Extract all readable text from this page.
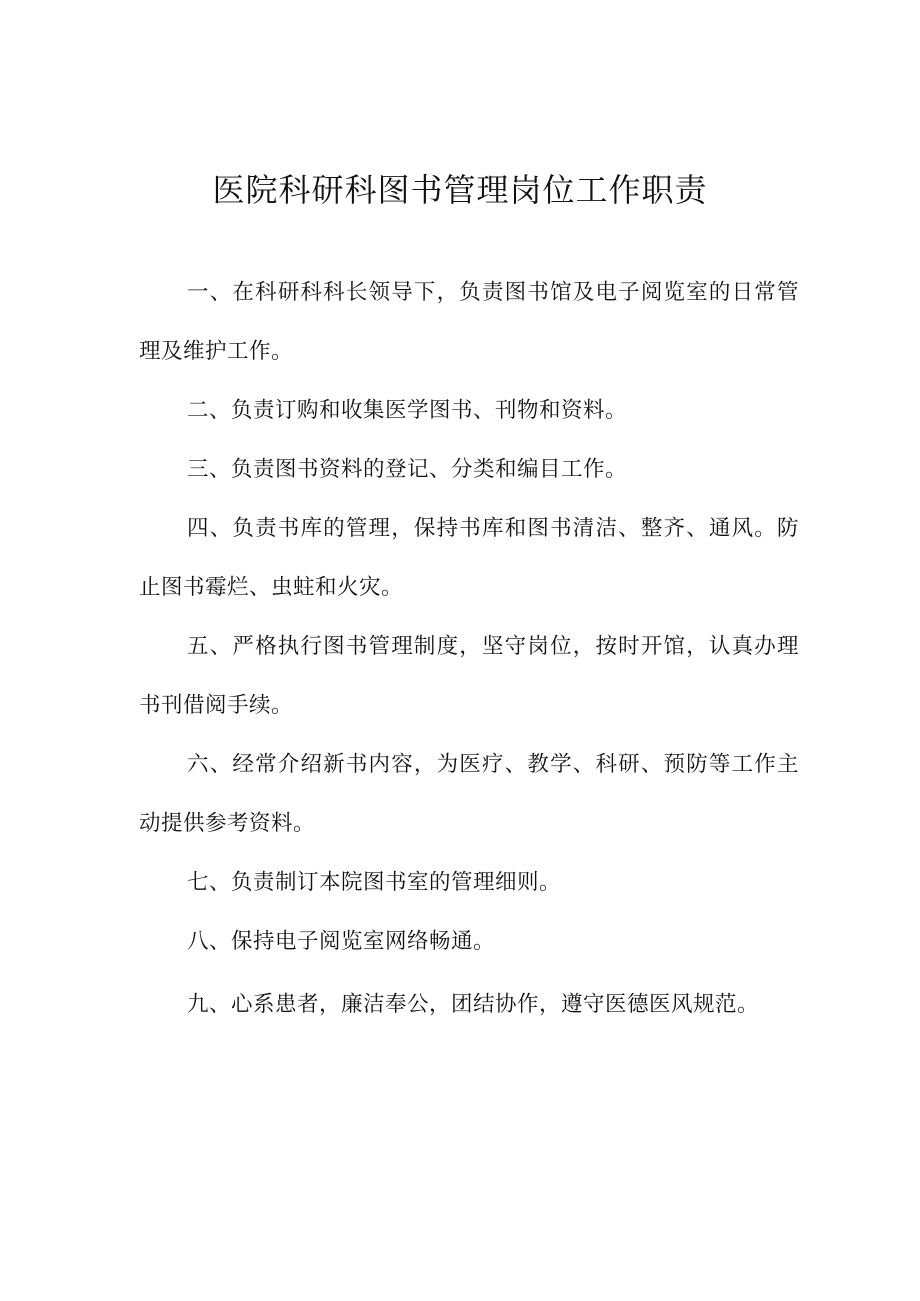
医院科研科图书管理岗位工作职责

一、在科研科科长领导下，负责图书馆及电子阅览室的日常管理及维护工作。

二、负责订购和收集医学图书、刊物和资料。

三、负责图书资料的登记、分类和编目工作。

四、负责书库的管理，保持书库和图书清洁、整齐、通风。防止图书霉烂、虫蛀和火灾。

五、严格执行图书管理制度，坚守岗位，按时开馆，认真办理书刊借阅手续。

六、经常介绍新书内容，为医疗、教学、科研、预防等工作主动提供参考资料。

七、负责制订本院图书室的管理细则。

八、保持电子阅览室网络畅通。

九、心系患者，廉洁奉公，团结协作，遵守医德医风规范。
